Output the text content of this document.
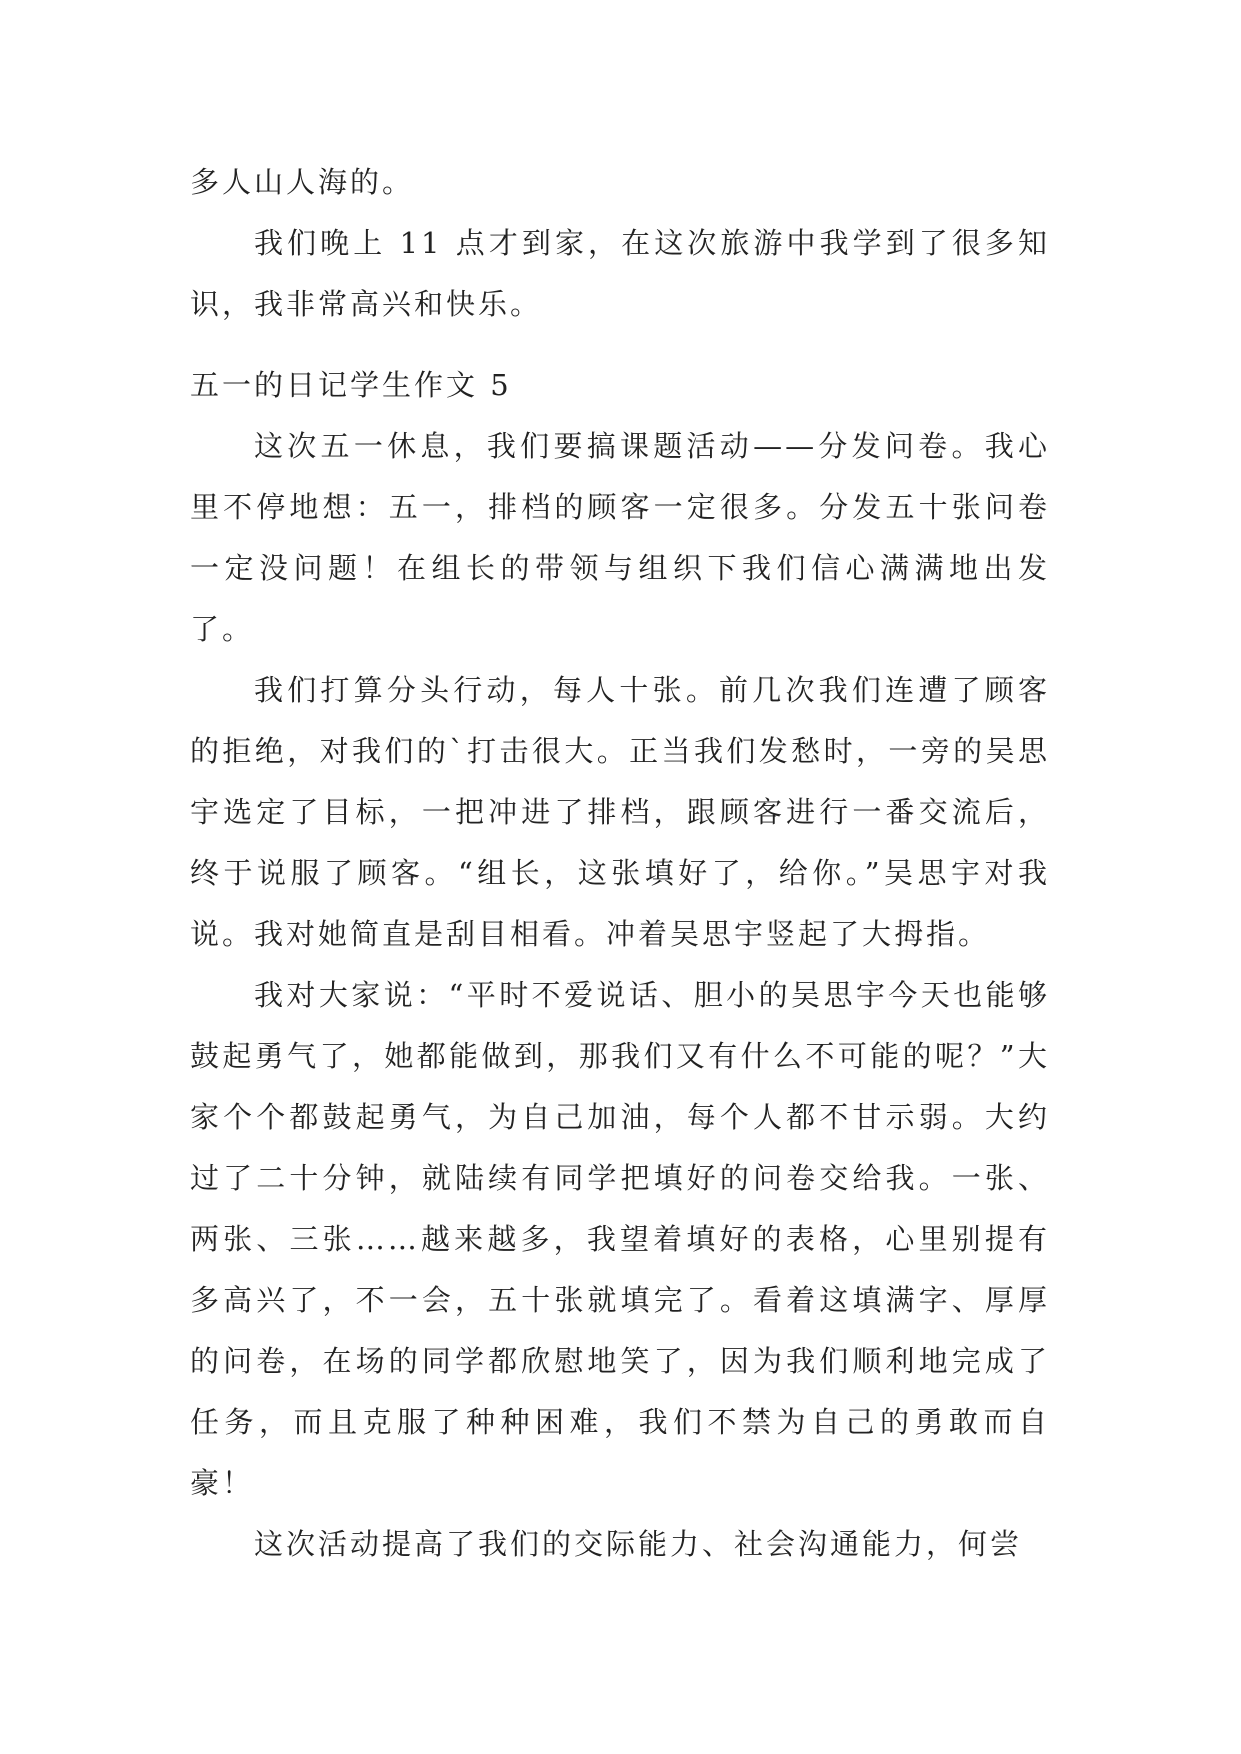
多人山人海的。

我们晚上 11 点才到家，在这次旅游中我学到了很多知识，我非常高兴和快乐。

五一的日记学生作文 5

这次五一休息，我们要搞课题活动——分发问卷。我心里不停地想：五一，排档的顾客一定很多。分发五十张问卷一定没问题！在组长的带领与组织下我们信心满满地出发了。

我们打算分头行动，每人十张。前几次我们连遭了顾客的拒绝，对我们的`打击很大。正当我们发愁时，一旁的吴思宇选定了目标，一把冲进了排档，跟顾客进行一番交流后，终于说服了顾客。“组长，这张填好了，给你。”吴思宇对我说。我对她简直是刮目相看。冲着吴思宇竖起了大拇指。

我对大家说：“平时不爱说话、胆小的吴思宇今天也能够鼓起勇气了，她都能做到，那我们又有什么不可能的呢？”大家个个都鼓起勇气，为自己加油，每个人都不甘示弱。大约过了二十分钟，就陆续有同学把填好的问卷交给我。一张、两张、三张……越来越多，我望着填好的表格，心里别提有多高兴了，不一会，五十张就填完了。看着这填满字、厚厚的问卷，在场的同学都欣慰地笑了，因为我们顺利地完成了任务，而且克服了种种困难，我们不禁为自己的勇敢而自豪！

这次活动提高了我们的交际能力、社会沟通能力，何尝
